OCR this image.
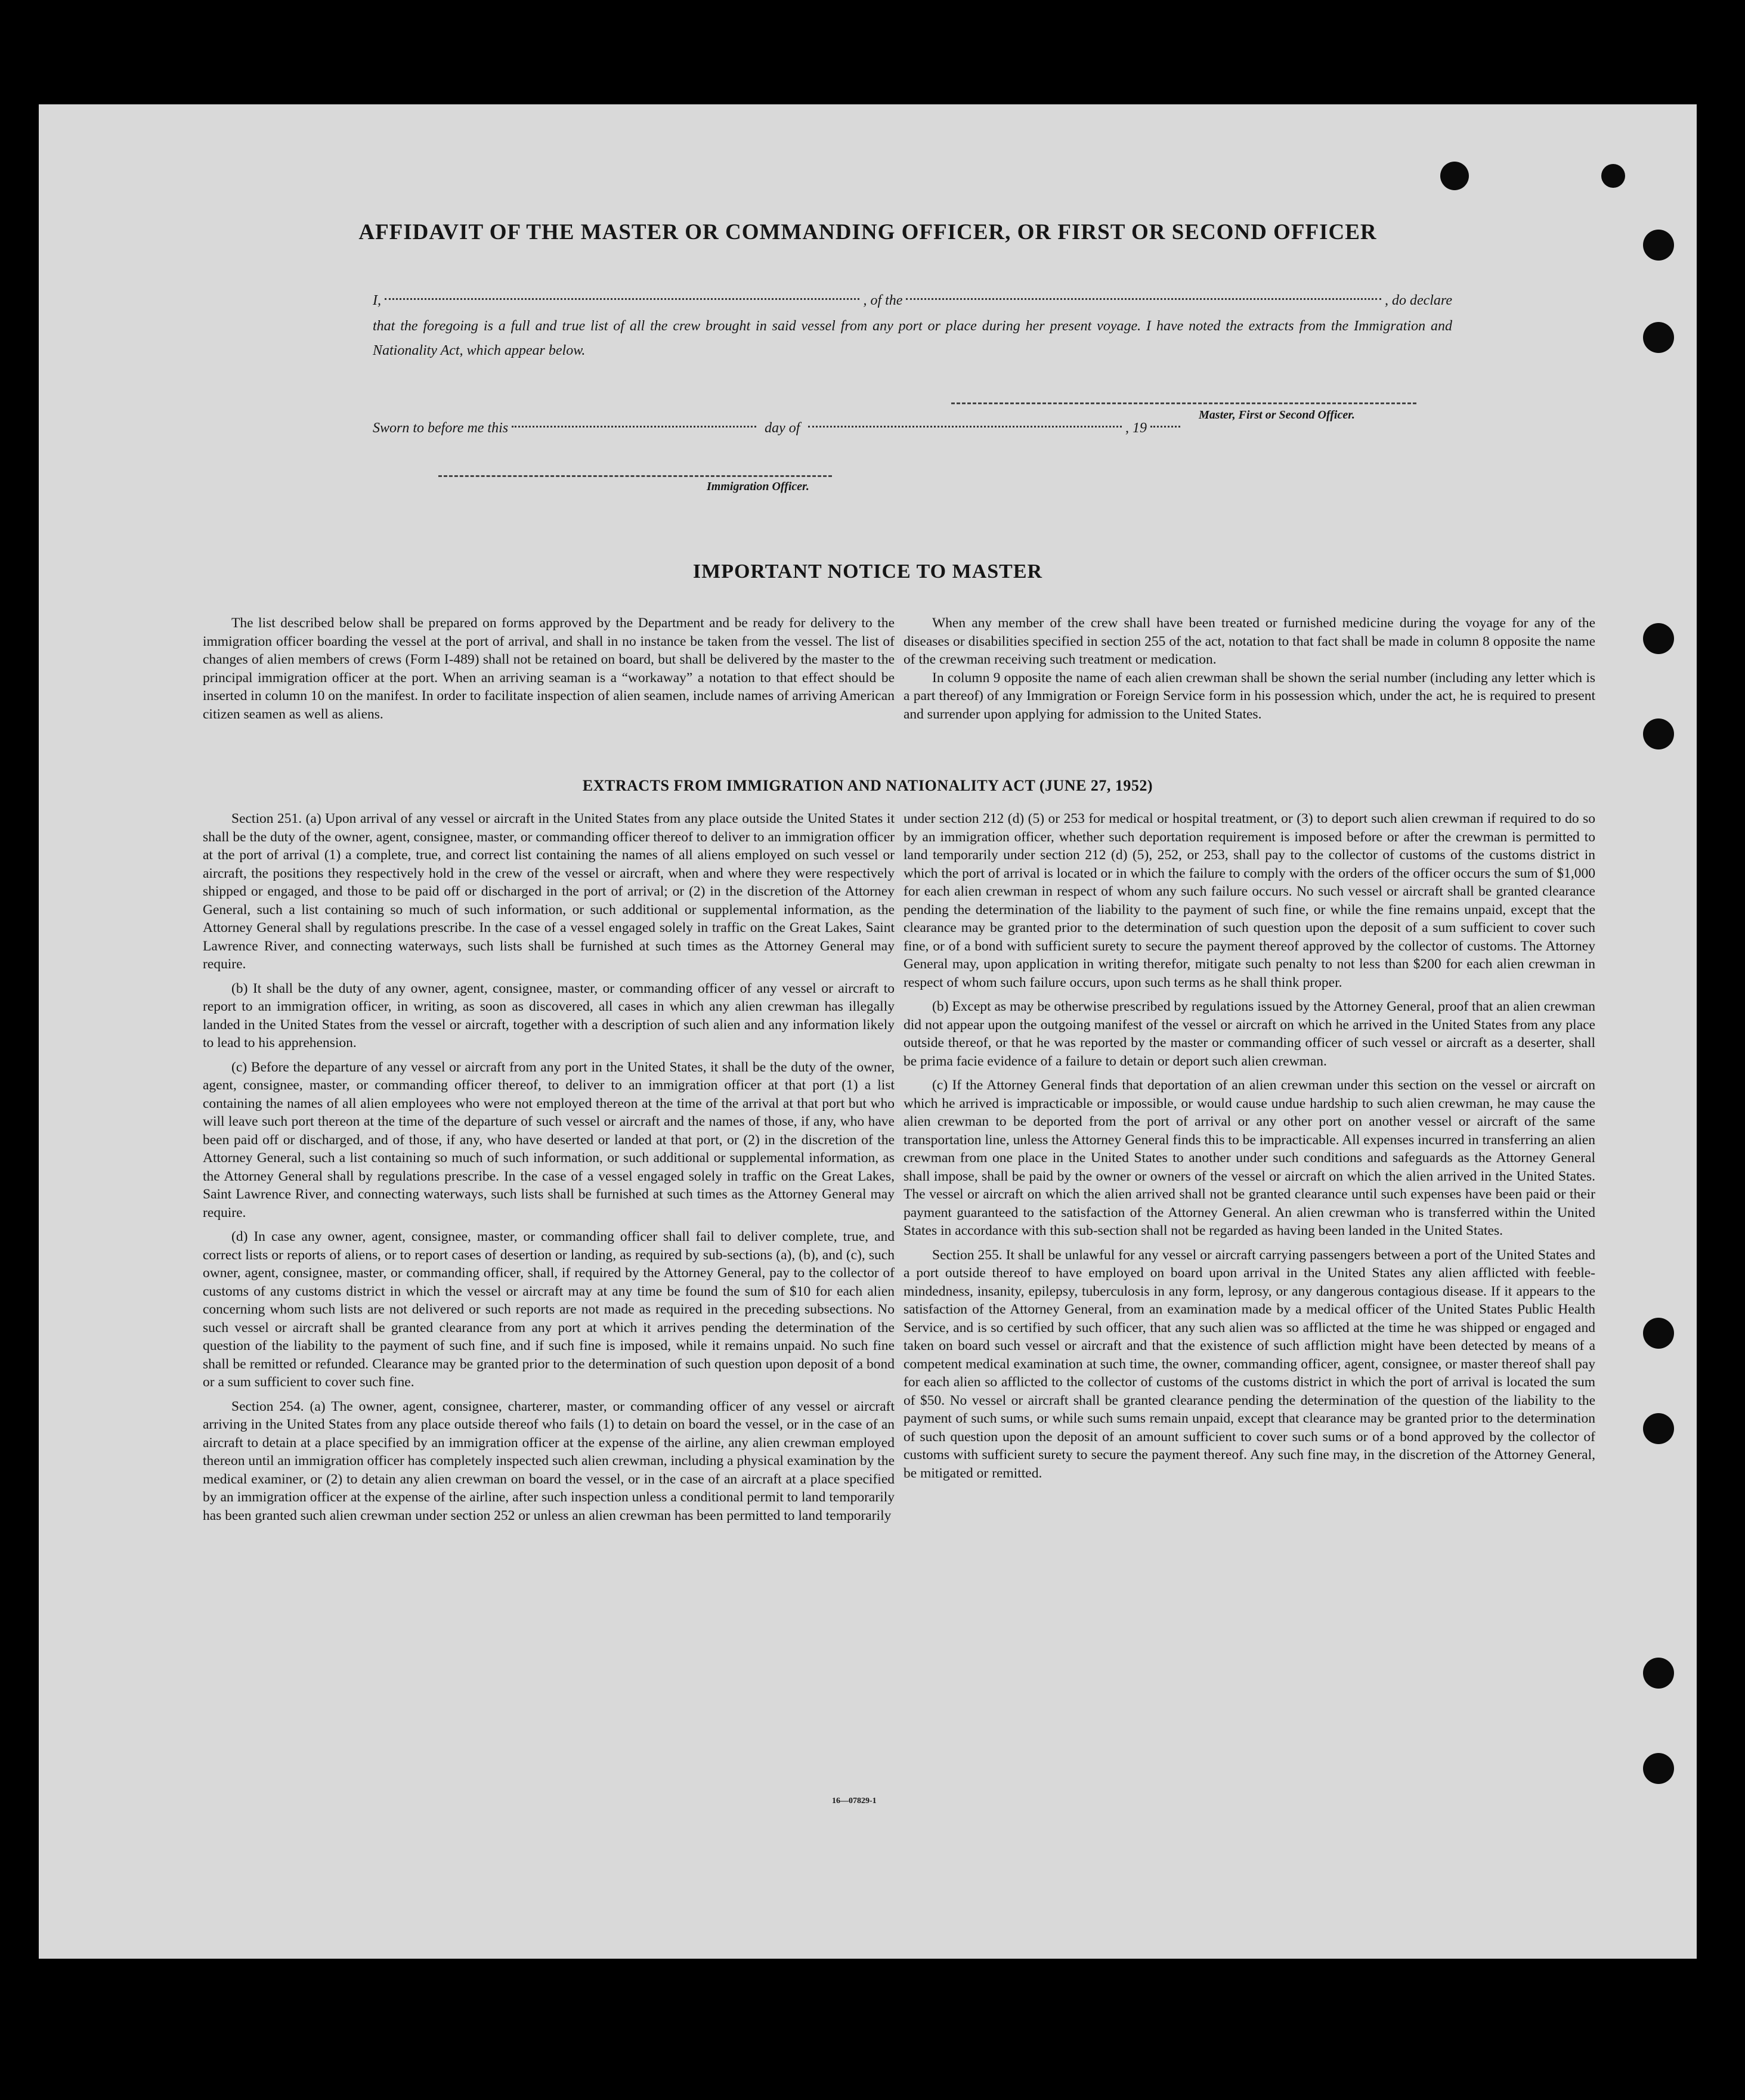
AFFIDAVIT OF THE MASTER OR COMMANDING OFFICER, OR FIRST OR SECOND OFFICER
I,	, of the	, do declare
that the foregoing is a full and true list of all the crew brought in said vessel from any port or place during her present voyage. I have noted the extracts from the Immigration and Nationality Act, which appear below.
Master, First or Second Officer.
Sworn to before me this	day of	, 19
Immigration Officer.
IMPORTANT NOTICE TO MASTER

The list described below shall be prepared on forms approved by the Department and be ready for delivery to the immigration officer boarding the vessel at the port of arrival, and shall in no instance be taken from the vessel. The list of changes of alien members of crews (Form I-489) shall not be retained on board, but shall be delivered by the master to the principal immigration officer at the port. When an arriving seaman is a “workaway” a notation to that effect should be inserted in column 10 on the manifest. In order to facilitate inspection of alien seamen, include names of arriving American citizen seamen as well as aliens.

When any member of the crew shall have been treated or furnished medicine during the voyage for any of the diseases or disabilities specified in section 255 of the act, notation to that fact shall be made in column 8 opposite the name of the crewman receiving such treatment or medication.

In column 9 opposite the name of each alien crewman shall be shown the serial number (including any letter which is a part thereof) of any Immigration or Foreign Service form in his possession which, under the act, he is required to present and surrender upon applying for admission to the United States.

EXTRACTS FROM IMMIGRATION AND NATIONALITY ACT (JUNE 27, 1952)

Section 251. (a) Upon arrival of any vessel or aircraft in the United States from any place outside the United States it shall be the duty of the owner, agent, consignee, master, or commanding officer thereof to deliver to an immigration officer at the port of arrival (1) a complete, true, and correct list containing the names of all aliens employed on such vessel or aircraft, the positions they respectively hold in the crew of the vessel or aircraft, when and where they were respectively shipped or engaged, and those to be paid off or discharged in the port of arrival; or (2) in the discretion of the Attorney General, such a list containing so much of such information, or such additional or supplemental information, as the Attorney General shall by regulations prescribe. In the case of a vessel engaged solely in traffic on the Great Lakes, Saint Lawrence River, and connecting waterways, such lists shall be furnished at such times as the Attorney General may require.

(b) It shall be the duty of any owner, agent, consignee, master, or commanding officer of any vessel or aircraft to report to an immigration officer, in writing, as soon as discovered, all cases in which any alien crewman has illegally landed in the United States from the vessel or aircraft, together with a description of such alien and any information likely to lead to his apprehension.

(c) Before the departure of any vessel or aircraft from any port in the United States, it shall be the duty of the owner, agent, consignee, master, or commanding officer thereof, to deliver to an immigration officer at that port (1) a list containing the names of all alien employees who were not employed thereon at the time of the arrival at that port but who will leave such port thereon at the time of the departure of such vessel or aircraft and the names of those, if any, who have been paid off or discharged, and of those, if any, who have deserted or landed at that port, or (2) in the discretion of the Attorney General, such a list containing so much of such information, or such additional or supplemental information, as the Attorney General shall by regulations prescribe. In the case of a vessel engaged solely in traffic on the Great Lakes, Saint Lawrence River, and connecting waterways, such lists shall be furnished at such times as the Attorney General may require.

(d) In case any owner, agent, consignee, master, or commanding officer shall fail to deliver complete, true, and correct lists or reports of aliens, or to report cases of desertion or landing, as required by sub-sections (a), (b), and (c), such owner, agent, consignee, master, or commanding officer, shall, if required by the Attorney General, pay to the collector of customs of any customs district in which the vessel or aircraft may at any time be found the sum of $10 for each alien concerning whom such lists are not delivered or such reports are not made as required in the preceding subsections. No such vessel or aircraft shall be granted clearance from any port at which it arrives pending the determination of the question of the liability to the payment of such fine, and if such fine is imposed, while it remains unpaid. No such fine shall be remitted or refunded. Clearance may be granted prior to the determination of such question upon deposit of a bond or a sum sufficient to cover such fine.

Section 254. (a) The owner, agent, consignee, charterer, master, or commanding officer of any vessel or aircraft arriving in the United States from any place outside thereof who fails (1) to detain on board the vessel, or in the case of an aircraft to detain at a place specified by an immigration officer at the expense of the airline, any alien crewman employed thereon until an immigration officer has completely inspected such alien crewman, including a physical examination by the medical examiner, or (2) to detain any alien crewman on board the vessel, or in the case of an aircraft at a place specified by an immigration officer at the expense of the airline, after such inspection unless a conditional permit to land temporarily has been granted such alien crewman under section 252 or unless an alien crewman has been permitted to land temporarily

under section 212 (d) (5) or 253 for medical or hospital treatment, or (3) to deport such alien crewman if required to do so by an immigration officer, whether such deportation requirement is imposed before or after the crewman is permitted to land temporarily under section 212 (d) (5), 252, or 253, shall pay to the collector of customs of the customs district in which the port of arrival is located or in which the failure to comply with the orders of the officer occurs the sum of $1,000 for each alien crewman in respect of whom any such failure occurs. No such vessel or aircraft shall be granted clearance pending the determination of the liability to the payment of such fine, or while the fine remains unpaid, except that the clearance may be granted prior to the determination of such question upon the deposit of a sum sufficient to cover such fine, or of a bond with sufficient surety to secure the payment thereof approved by the collector of customs. The Attorney General may, upon application in writing therefor, mitigate such penalty to not less than $200 for each alien crewman in respect of whom such failure occurs, upon such terms as he shall think proper.

(b) Except as may be otherwise prescribed by regulations issued by the Attorney General, proof that an alien crewman did not appear upon the outgoing manifest of the vessel or aircraft on which he arrived in the United States from any place outside thereof, or that he was reported by the master or commanding officer of such vessel or aircraft as a deserter, shall be prima facie evidence of a failure to detain or deport such alien crewman.

(c) If the Attorney General finds that deportation of an alien crewman under this section on the vessel or aircraft on which he arrived is impracticable or impossible, or would cause undue hardship to such alien crewman, he may cause the alien crewman to be deported from the port of arrival or any other port on another vessel or aircraft of the same transportation line, unless the Attorney General finds this to be impracticable. All expenses incurred in transferring an alien crewman from one place in the United States to another under such conditions and safeguards as the Attorney General shall impose, shall be paid by the owner or owners of the vessel or aircraft on which the alien arrived in the United States. The vessel or aircraft on which the alien arrived shall not be granted clearance until such expenses have been paid or their payment guaranteed to the satisfaction of the Attorney General. An alien crewman who is transferred within the United States in accordance with this sub-section shall not be regarded as having been landed in the United States.

Section 255. It shall be unlawful for any vessel or aircraft carrying passengers between a port of the United States and a port outside thereof to have employed on board upon arrival in the United States any alien afflicted with feeble-mindedness, insanity, epilepsy, tuberculosis in any form, leprosy, or any dangerous contagious disease. If it appears to the satisfaction of the Attorney General, from an examination made by a medical officer of the United States Public Health Service, and is so certified by such officer, that any such alien was so afflicted at the time he was shipped or engaged and taken on board such vessel or aircraft and that the existence of such affliction might have been detected by means of a competent medical examination at such time, the owner, commanding officer, agent, consignee, or master thereof shall pay for each alien so afflicted to the collector of customs of the customs district in which the port of arrival is located the sum of $50. No vessel or aircraft shall be granted clearance pending the determination of the question of the liability to the payment of such sums, or while such sums remain unpaid, except that clearance may be granted prior to the determination of such question upon the deposit of an amount sufficient to cover such sums or of a bond approved by the collector of customs with sufficient surety to secure the payment thereof. Any such fine may, in the discretion of the Attorney General, be mitigated or remitted.

16—07829-1
